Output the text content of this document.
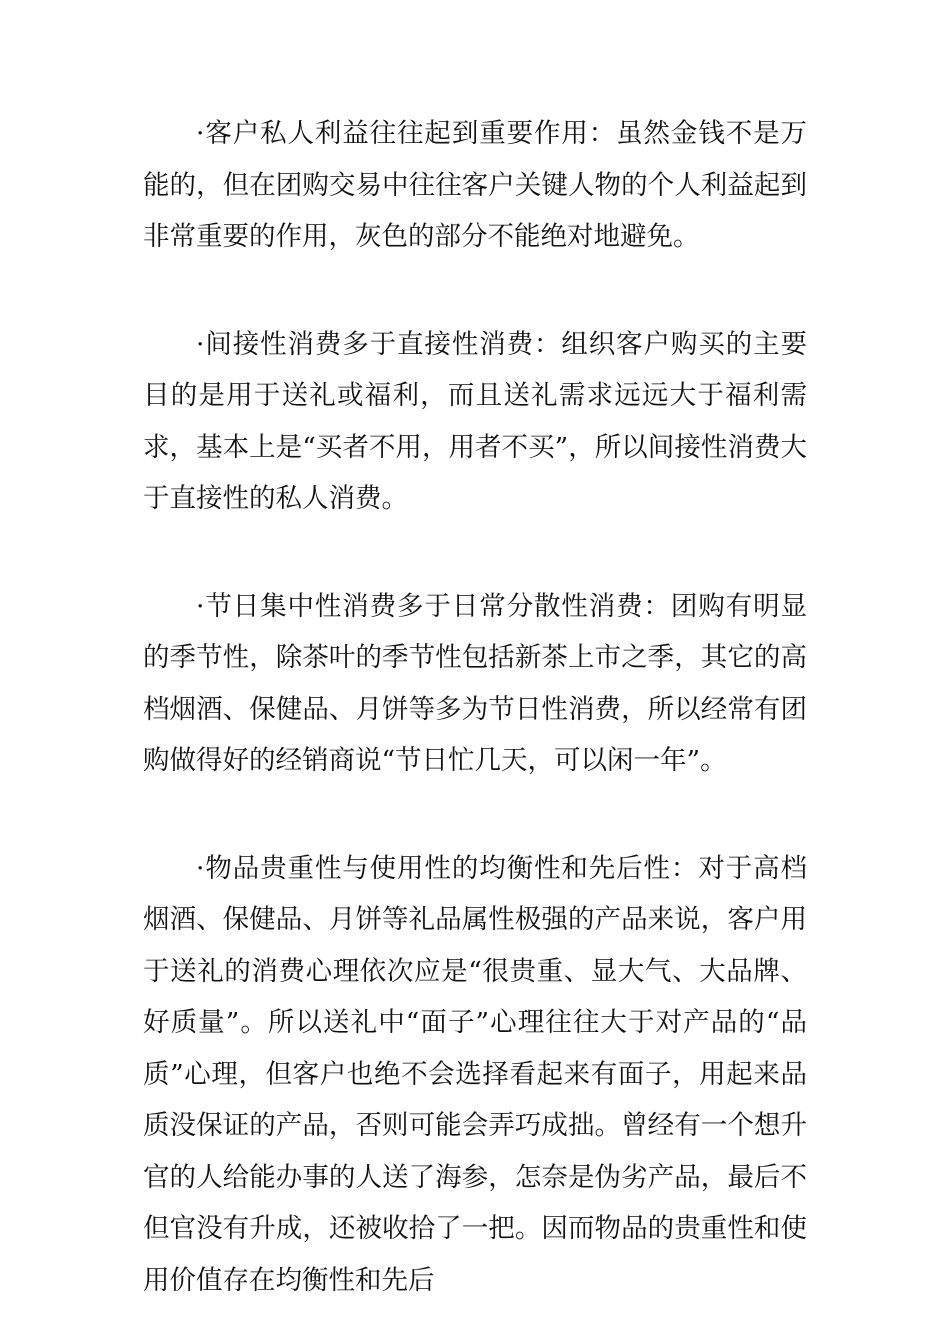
·客户私人利益往往起到重要作用：虽然金钱不是万能的，但在团购交易中往往客户关键人物的个人利益起到非常重要的作用，灰色的部分不能绝对地避免。

·间接性消费多于直接性消费：组织客户购买的主要目的是用于送礼或福利，而且送礼需求远远大于福利需求，基本上是“买者不用，用者不买”，所以间接性消费大于直接性的私人消费。

·节日集中性消费多于日常分散性消费：团购有明显的季节性，除茶叶的季节性包括新茶上市之季，其它的高档烟酒、保健品、月饼等多为节日性消费，所以经常有团购做得好的经销商说“节日忙几天，可以闲一年”。

·物品贵重性与使用性的均衡性和先后性：对于高档烟酒、保健品、月饼等礼品属性极强的产品来说，客户用于送礼的消费心理依次应是“很贵重、显大气、大品牌、好质量”。所以送礼中“面子”心理往往大于对产品的“品质”心理，但客户也绝不会选择看起来有面子，用起来品质没保证的产品，否则可能会弄巧成拙。曾经有一个想升官的人给能办事的人送了海参，怎奈是伪劣产品，最后不但官没有升成，还被收拾了一把。因而物品的贵重性和使用价值存在均衡性和先后
